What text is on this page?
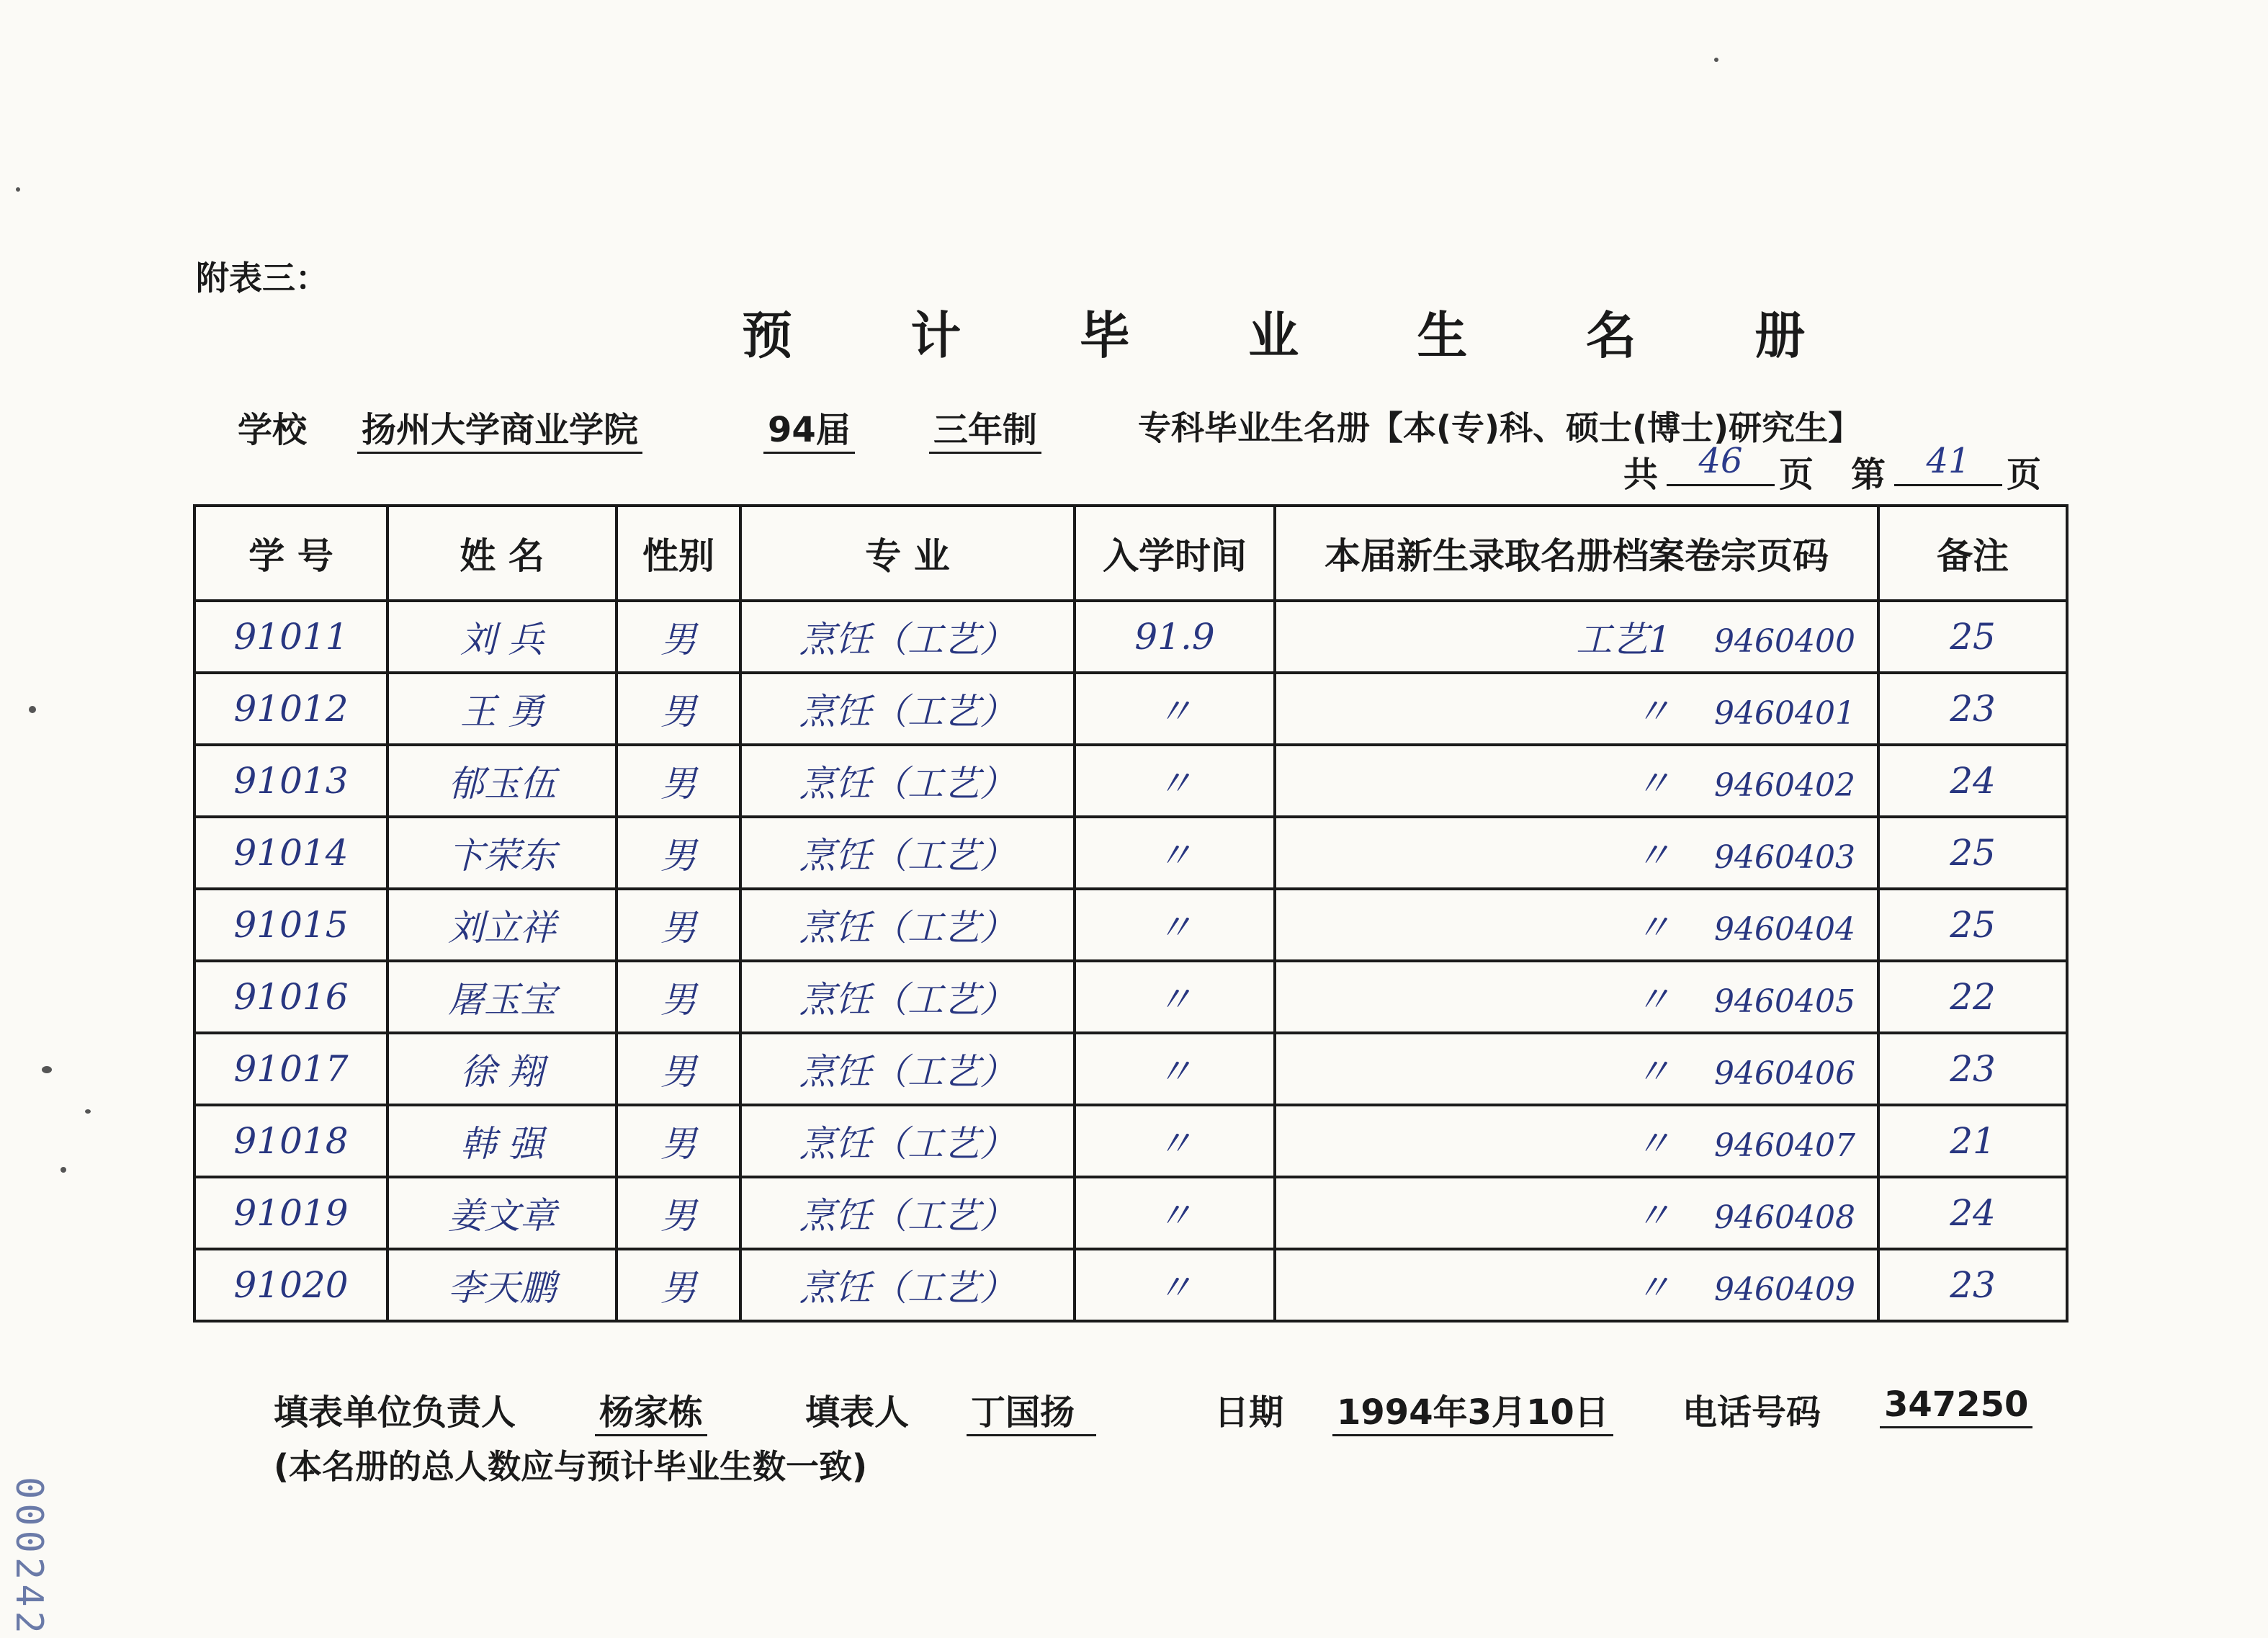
附表三：
预 计 毕 业 生 名 册
学校 扬州大学商业学院	94届 三年制	专科毕业生名册【本(专)科、硕士(博士)研究生】
共	46	页 第	41	页
学 号	姓 名	性别	专 业	入学时间	本届新生录取名册档案卷宗页码	备注
91011	刘 兵	男	烹饪（工艺）	91.9	工艺1 9460400	25
91012	王 勇	男	烹饪（工艺）	〃	〃 9460401	23
91013	郁玉伍	男	烹饪（工艺）	〃	〃 9460402	24
91014	卞荣东	男	烹饪（工艺）	〃	〃 9460403	25
91015	刘立祥	男	烹饪（工艺）	〃	〃 9460404	25
91016	屠玉宝	男	烹饪（工艺）	〃	〃 9460405	22
91017	徐 翔	男	烹饪（工艺）	〃	〃 9460406	23
91018	韩 强	男	烹饪（工艺）	〃	〃 9460407	21
91019	姜文章	男	烹饪（工艺）	〃	〃 9460408	24
91020	李天鹏	男	烹饪（工艺）	〃	〃 9460409	23
填表单位负责人 杨家栋	填表人 丁国扬	日期 1994年3月10日 电话号码 347250
(本名册的总人数应与预计毕业生数一致)
000242
